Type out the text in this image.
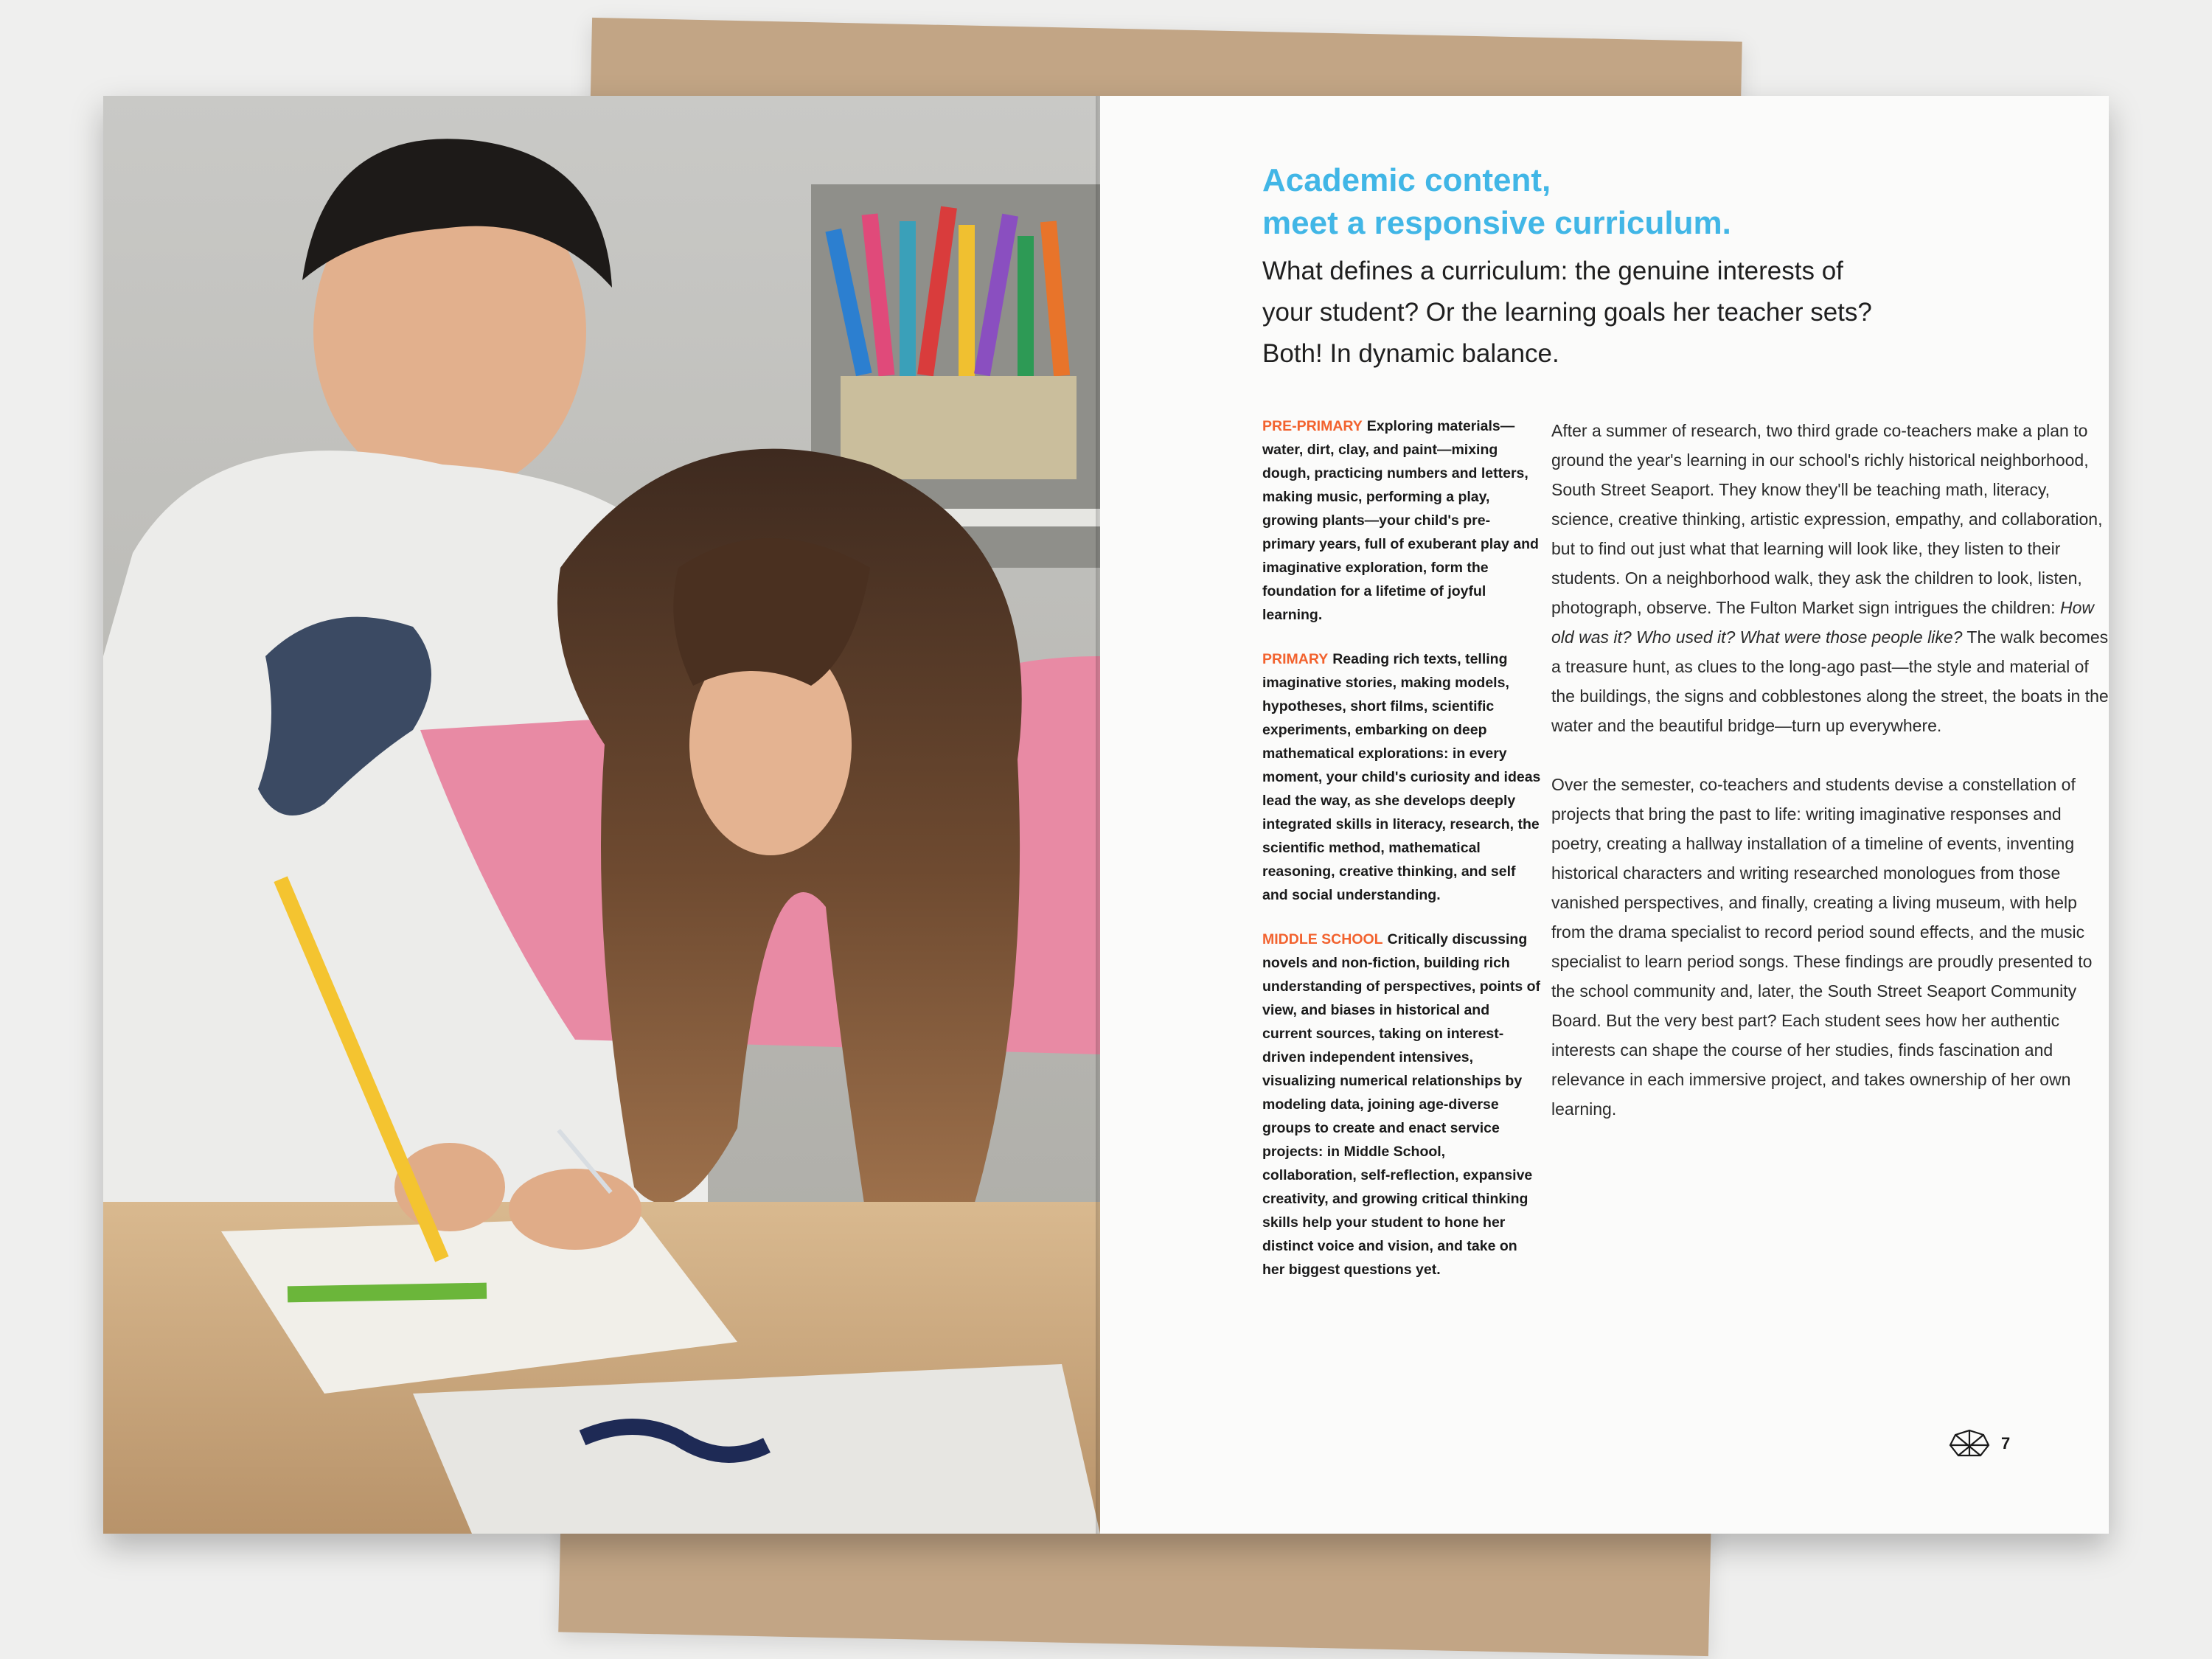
Academic content,
meet a responsive curriculum.
What defines a curriculum: the genuine interests of
your student? Or the learning goals her teacher sets?
Both! In dynamic balance.

PRE-PRIMARY Exploring materials—water, dirt, clay, and paint—mixing dough, practicing numbers and letters, making music, performing a play, growing plants—your child's pre-primary years, full of exuberant play and imaginative exploration, form the foundation for a lifetime of joyful learning.

PRIMARY Reading rich texts, telling imaginative stories, making models, hypotheses, short films, scientific experiments, embarking on deep mathematical explorations: in every moment, your child's curiosity and ideas lead the way, as she develops deeply integrated skills in literacy, research, the scientific method, mathematical reasoning, creative thinking, and self and social understanding.

MIDDLE SCHOOL Critically discussing novels and non-fiction, building rich understanding of perspectives, points of view, and biases in historical and current sources, taking on interest-driven independent intensives, visualizing numerical relationships by modeling data, joining age-diverse groups to create and enact service projects: in Middle School, collaboration, self-reflection, expansive creativity, and growing critical thinking skills help your student to hone her distinct voice and vision, and take on her biggest questions yet.

After a summer of research, two third grade co-teachers make a plan to ground the year's learning in our school's richly historical neighborhood, South Street Seaport. They know they'll be teaching math, literacy, science, creative thinking, artistic expression, empathy, and collaboration, but to find out just what that learning will look like, they listen to their students. On a neighborhood walk, they ask the children to look, listen, photograph, observe. The Fulton Market sign intrigues the children: How old was it? Who used it? What were those people like? The walk becomes a treasure hunt, as clues to the long-ago past—the style and material of the buildings, the signs and cobblestones along the street, the boats in the water and the beautiful bridge—turn up everywhere.

Over the semester, co-teachers and students devise a constellation of projects that bring the past to life: writing imaginative responses and poetry, creating a hallway installation of a timeline of events, inventing historical characters and writing researched monologues from those vanished perspectives, and finally, creating a living museum, with help from the drama specialist to record period sound effects, and the music specialist to learn period songs. These findings are proudly presented to the school community and, later, the South Street Seaport Community Board. But the very best part? Each student sees how her authentic interests can shape the course of her studies, finds fascination and relevance in each immersive project, and takes ownership of her own learning.

7
